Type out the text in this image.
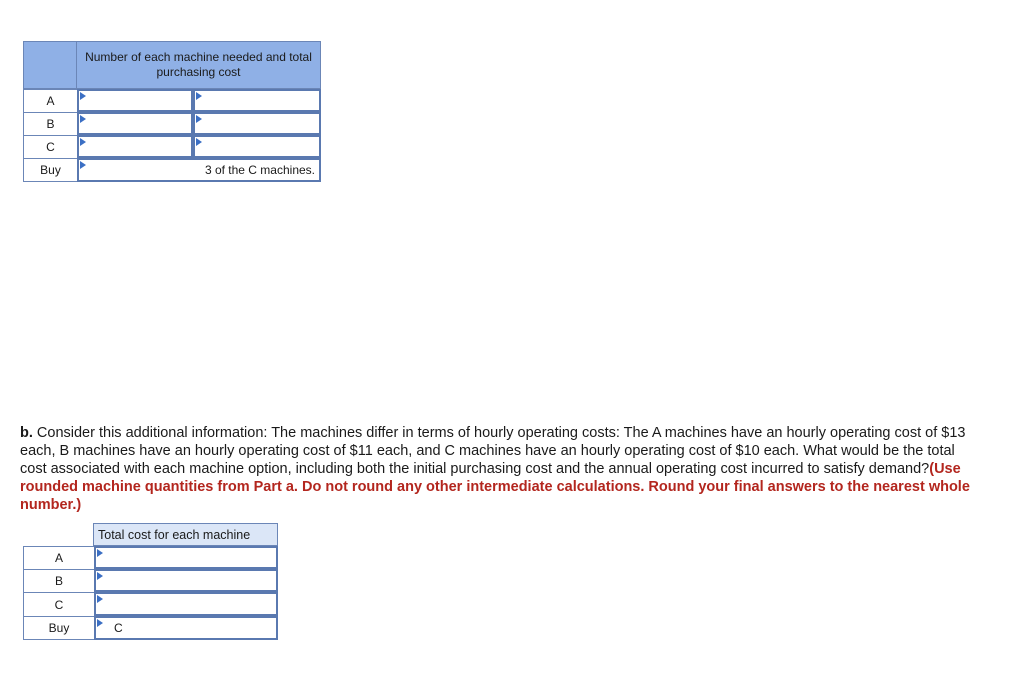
Number of each machine needed and total purchasing cost
A
B
C
Buy	3 of the C machines.
b. Consider this additional information: The machines differ in terms of hourly operating costs: The A machines have an hourly operating cost of $13 each, B machines have an hourly operating cost of $11 each, and C machines have an hourly operating cost of $10 each. What would be the total cost associated with each machine option, including both the initial purchasing cost and the annual operating cost incurred to satisfy demand?(Use rounded machine quantities from Part a. Do not round any other intermediate calculations. Round your final answers to the nearest whole number.)
Total cost for each machine
A
B
C
Buy	C
